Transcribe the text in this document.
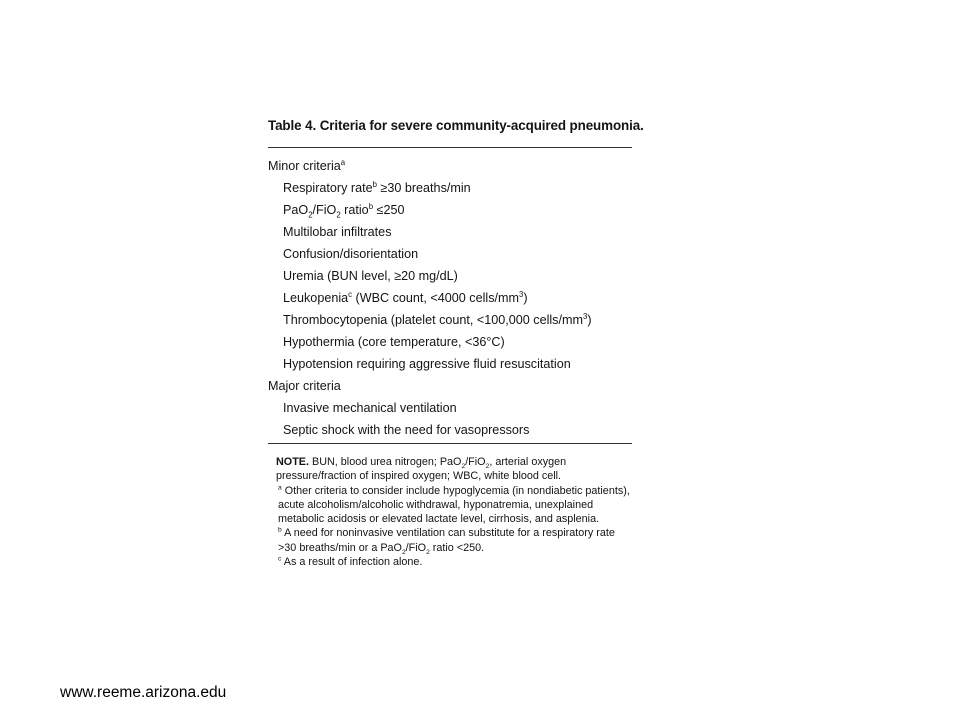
Table 4. Criteria for severe community-acquired pneumonia.
Minor criteria$^a$
Respiratory rate$^b$ ≥30 breaths/min
PaO$_2$/FiO$_2$ ratio$^b$ ≤250
Multilobar infiltrates
Confusion/disorientation
Uremia (BUN level, ≥20 mg/dL)
Leukopenia$^c$ (WBC count, <4000 cells/$mm^3$)
Thrombocytopenia (platelet count, <100,000 cells/$mm^3$)
Hypothermia (core temperature, <36°C)
Hypotension requiring aggressive fluid resuscitation
Major criteria
Invasive mechanical ventilation
Septic shock with the need for vasopressors

NOTE. BUN, blood urea nitrogen; PaO$_2$/FiO$_2$, arterial oxygen pressure/fraction of inspired oxygen; WBC, white blood cell.

$^a$ Other criteria to consider include hypoglycemia (in nondiabetic patients), acute alcoholism/alcoholic withdrawal, hyponatremia, unexplained metabolic acidosis or elevated lactate level, cirrhosis, and asplenia.

$^b$ A need for noninvasive ventilation can substitute for a respiratory rate >30 breaths/min or a PaO$_2$/FiO$_2$ ratio <250.

$^c$ As a result of infection alone.

www.reeme.arizona.edu
